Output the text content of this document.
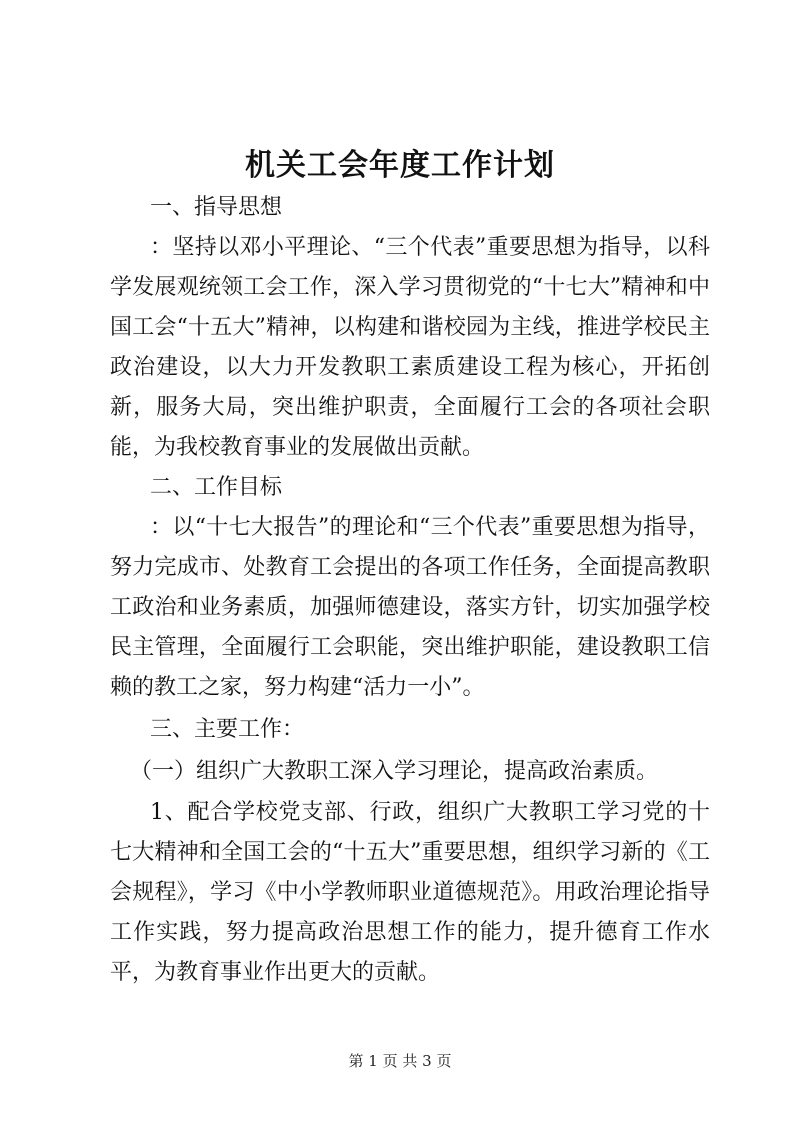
机关工会年度工作计划
一、指导思想
：坚持以邓小平理论、“三个代表”重要思想为指导，以科学发展观统领工会工作，深入学习贯彻党的“十七大”精神和中国工会“十五大”精神，以构建和谐校园为主线，推进学校民主政治建设，以大力开发教职工素质建设工程为核心，开拓创新，服务大局，突出维护职责，全面履行工会的各项社会职能，为我校教育事业的发展做出贡献。
二、工作目标
：以“十七大报告”的理论和“三个代表”重要思想为指导，努力完成市、处教育工会提出的各项工作任务，全面提高教职工政治和业务素质，加强师德建设，落实方针，切实加强学校民主管理，全面履行工会职能，突出维护职能，建设教职工信赖的教工之家，努力构建“活力一小”。
三、主要工作：
（一）组织广大教职工深入学习理论，提高政治素质。
1、配合学校党支部、行政，组织广大教职工学习党的十七大精神和全国工会的“十五大”重要思想，组织学习新的《工会规程》，学习《中小学教师职业道德规范》。用政治理论指导工作实践，努力提高政治思想工作的能力，提升德育工作水平，为教育事业作出更大的贡献。
第 1 页 共 3 页
